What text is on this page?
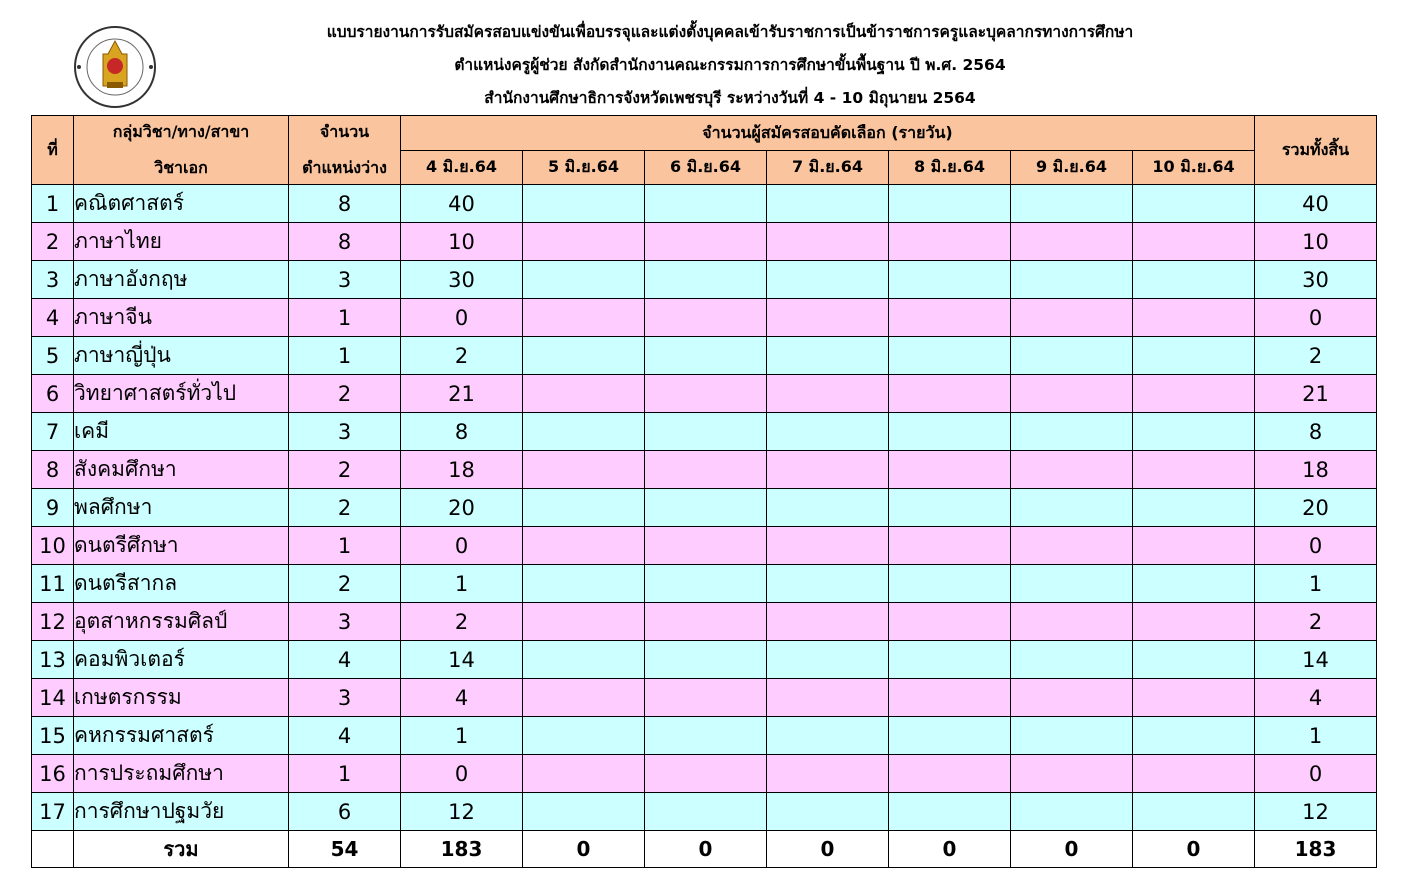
แบบรายงานการรับสมัครสอบแข่งขันเพื่อบรรจุและแต่งตั้งบุคคลเข้ารับราชการเป็นข้าราชการครูและบุคลากรทางการศึกษา
ตำแหน่งครูผู้ช่วย สังกัดสำนักงานคณะกรรมการการศึกษาขั้นพื้นฐาน ปี พ.ศ. 2564
สำนักงานศึกษาธิการจังหวัดเพชรบุรี ระหว่างวันที่ 4 - 10 มิถุนายน 2564
ที่	กลุ่มวิชา/ทาง/สาขา
วิชาเอก	จำนวน
ตำแหน่งว่าง	จำนวนผู้สมัครสอบคัดเลือก (รายวัน)							รวมทั้งสิ้น
			4 มิ.ย.64	5 มิ.ย.64	6 มิ.ย.64	7 มิ.ย.64	8 มิ.ย.64	9 มิ.ย.64	10 มิ.ย.64	
1	คณิตศาสตร์	8	40							40
2	ภาษาไทย	8	10							10
3	ภาษาอังกฤษ	3	30							30
4	ภาษาจีน	1	0							0
5	ภาษาญี่ปุ่น	1	2							2
6	วิทยาศาสตร์ทั่วไป	2	21							21
7	เคมี	3	8							8
8	สังคมศึกษา	2	18							18
9	พลศึกษา	2	20							20
10	ดนตรีศึกษา	1	0							0
11	ดนตรีสากล	2	1							1
12	อุตสาหกรรมศิลป์	3	2							2
13	คอมพิวเตอร์	4	14							14
14	เกษตรกรรม	3	4							4
15	คหกรรมศาสตร์	4	1							1
16	การประถมศึกษา	1	0							0
17	การศึกษาปฐมวัย	6	12							12
	รวม	54	183	0	0	0	0	0	0	183
